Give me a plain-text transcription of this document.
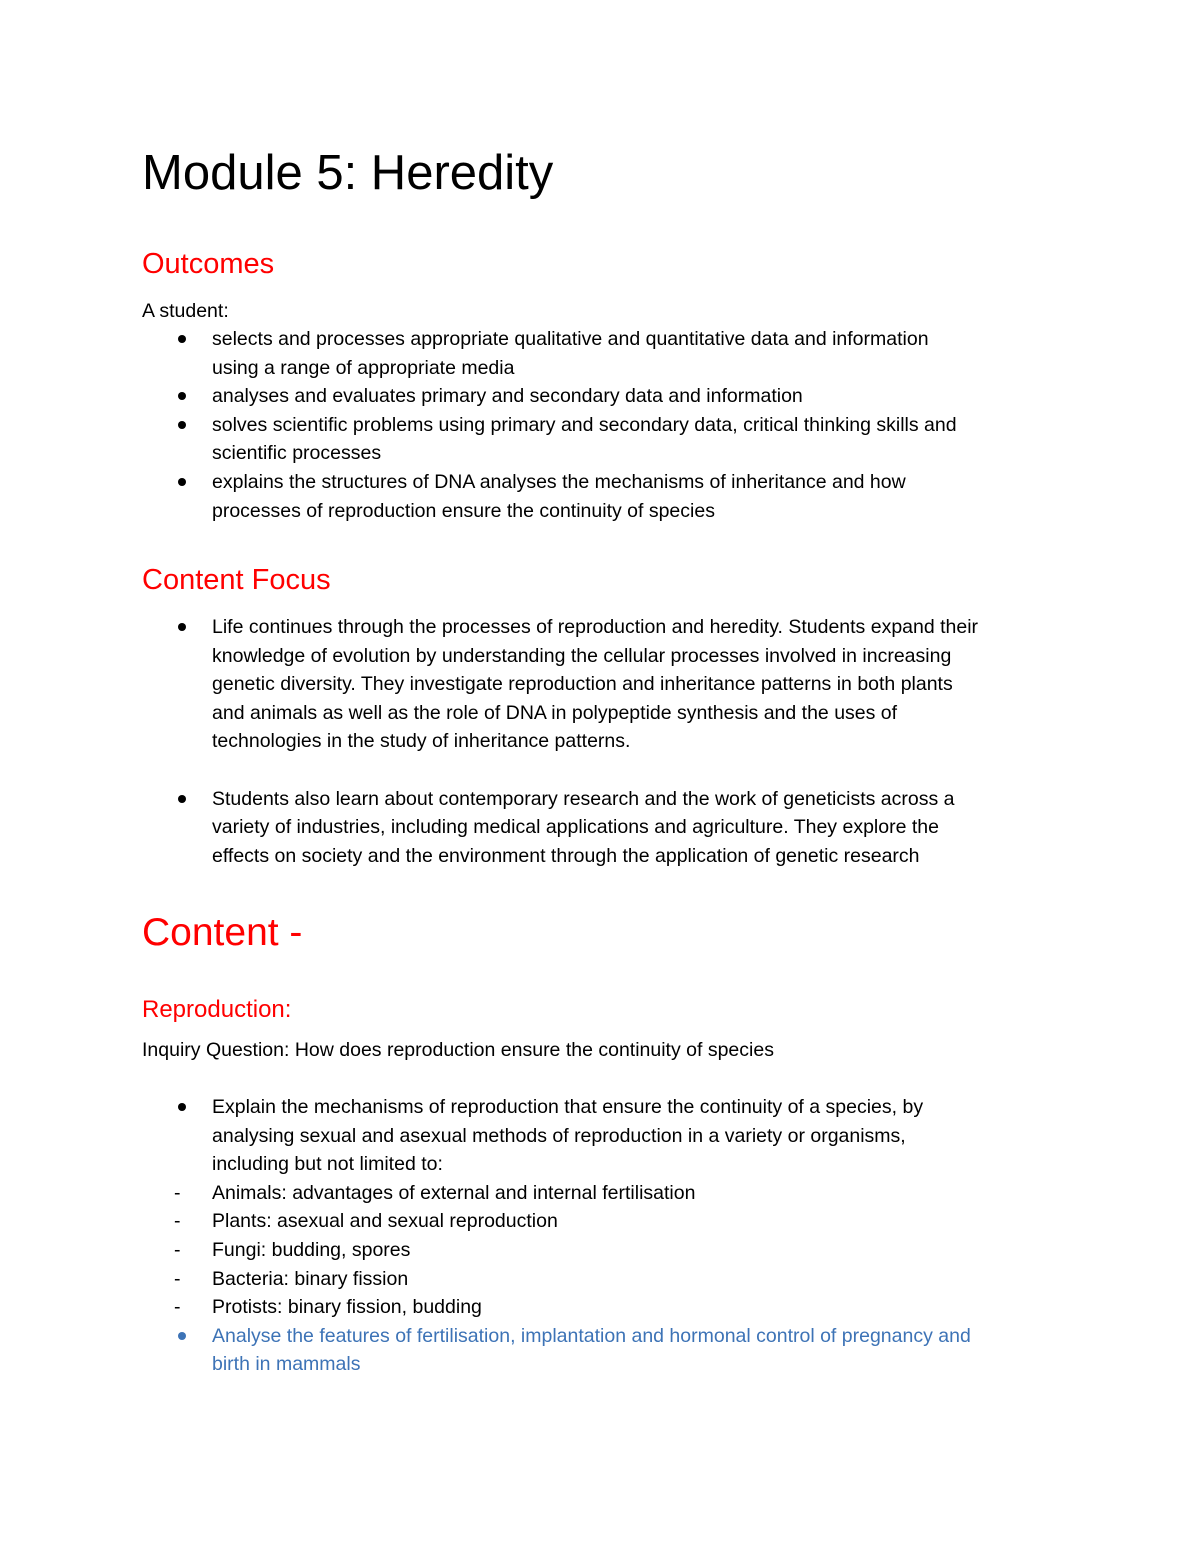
Module 5: Heredity
Outcomes

A student:

selects and processes appropriate qualitative and quantitative data and information
using a range of appropriate media
analyses and evaluates primary and secondary data and information
solves scientific problems using primary and secondary data, critical thinking skills and
scientific processes
explains the structures of DNA analyses the mechanisms of inheritance and how
processes of reproduction ensure the continuity of species
Content Focus
Life continues through the processes of reproduction and heredity. Students expand their
knowledge of evolution by understanding the cellular processes involved in increasing
genetic diversity. They investigate reproduction and inheritance patterns in both plants
and animals as well as the role of DNA in polypeptide synthesis and the uses of
technologies in the study of inheritance patterns.
Students also learn about contemporary research and the work of geneticists across a
variety of industries, including medical applications and agriculture. They explore the
effects on society and the environment through the application of genetic research
Content -
Reproduction:

Inquiry Question: How does reproduction ensure the continuity of species

Explain the mechanisms of reproduction that ensure the continuity of a species, by
analysing sexual and asexual methods of reproduction in a variety or organisms,
including but not limited to:
- Animals: advantages of external and internal fertilisation
- Plants: asexual and sexual reproduction
- Fungi: budding, spores
- Bacteria: binary fission
- Protists: binary fission, budding
Analyse the features of fertilisation, implantation and hormonal control of pregnancy and
birth in mammals
